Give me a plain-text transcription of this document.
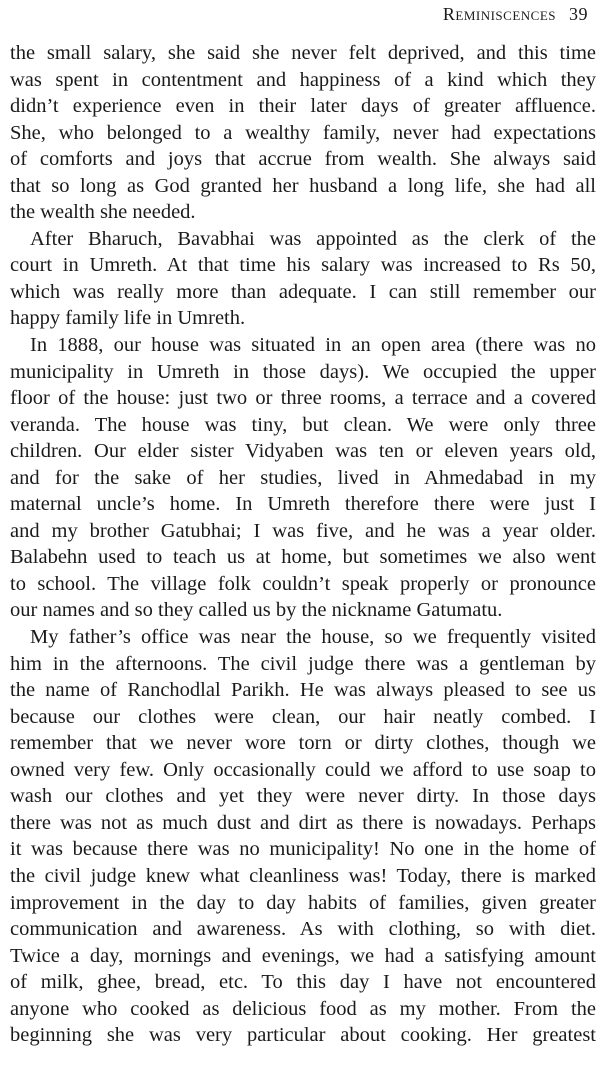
Reminiscences 39
the small salary, she said she never felt deprived, and this time
was spent in contentment and happiness of a kind which they
didn’t experience even in their later days of greater affluence.
She, who belonged to a wealthy family, never had expectations
of comforts and joys that accrue from wealth. She always said
that so long as God granted her husband a long life, she had all
the wealth she needed.
After Bharuch, Bavabhai was appointed as the clerk of the
court in Umreth. At that time his salary was increased to Rs 50,
which was really more than adequate. I can still remember our
happy family life in Umreth.
In 1888, our house was situated in an open area (there was no
municipality in Umreth in those days). We occupied the upper
floor of the house: just two or three rooms, a terrace and a covered
veranda. The house was tiny, but clean. We were only three
children. Our elder sister Vidyaben was ten or eleven years old,
and for the sake of her studies, lived in Ahmedabad in my
maternal uncle’s home. In Umreth therefore there were just I
and my brother Gatubhai; I was five, and he was a year older.
Balabehn used to teach us at home, but sometimes we also went
to school. The village folk couldn’t speak properly or pronounce
our names and so they called us by the nickname Gatumatu.
My father’s office was near the house, so we frequently visited
him in the afternoons. The civil judge there was a gentleman by
the name of Ranchodlal Parikh. He was always pleased to see us
because our clothes were clean, our hair neatly combed. I
remember that we never wore torn or dirty clothes, though we
owned very few. Only occasionally could we afford to use soap to
wash our clothes and yet they were never dirty. In those days
there was not as much dust and dirt as there is nowadays. Perhaps
it was because there was no municipality! No one in the home of
the civil judge knew what cleanliness was! Today, there is marked
improvement in the day to day habits of families, given greater
communication and awareness. As with clothing, so with diet.
Twice a day, mornings and evenings, we had a satisfying amount
of milk, ghee, bread, etc. To this day I have not encountered
anyone who cooked as delicious food as my mother. From the
beginning she was very particular about cooking. Her greatest
